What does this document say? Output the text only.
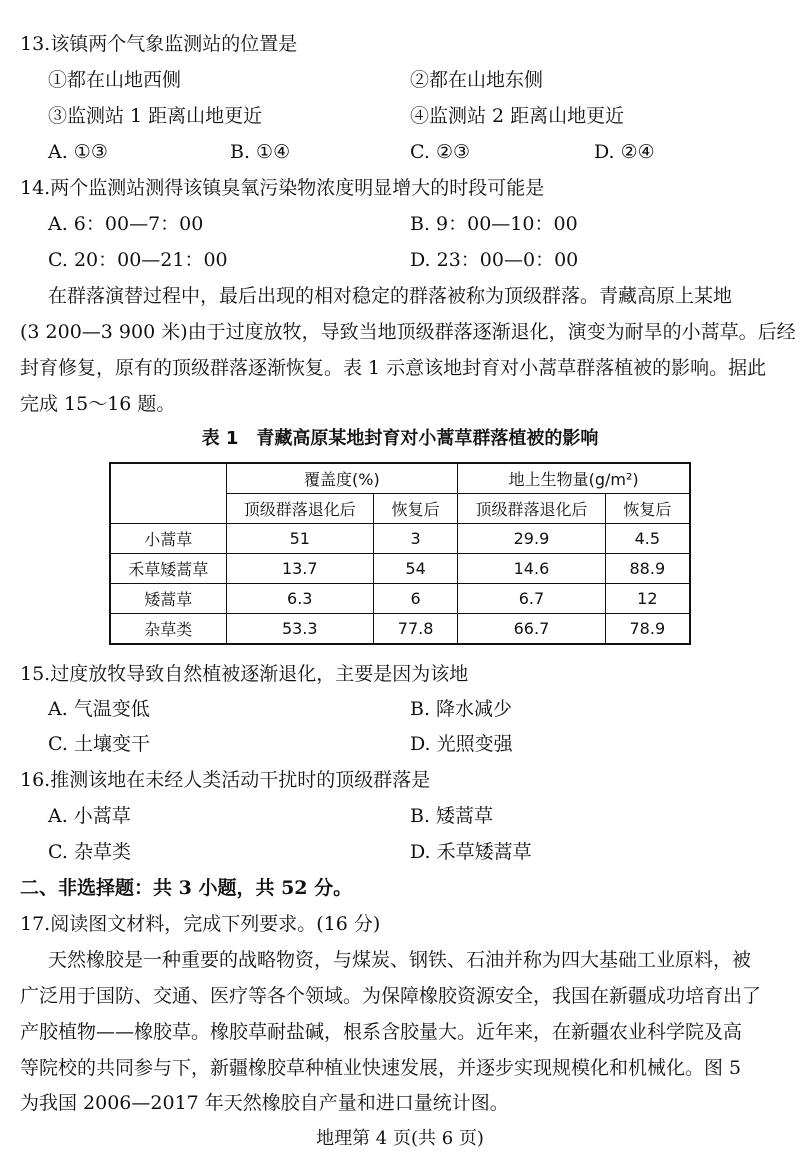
13.该镇两个气象监测站的位置是
①都在山地西侧	②都在山地东侧
③监测站 1 距离山地更近	④监测站 2 距离山地更近
A. ①③	B. ①④	C. ②③	D. ②④
14.两个监测站测得该镇臭氧污染物浓度明显增大的时段可能是
A. 6：00—7：00	B. 9：00—10：00
C. 20：00—21：00	D. 23：00—0：00
在群落演替过程中，最后出现的相对稳定的群落被称为顶级群落。青藏高原上某地
(3 200—3 900 米)由于过度放牧，导致当地顶级群落逐渐退化，演变为耐旱的小蒿草。后经
封育修复，原有的顶级群落逐渐恢复。表 1 示意该地封育对小蒿草群落植被的影响。据此
完成 15～16 题。
表 1　青藏高原某地封育对小蒿草群落植被的影响
	覆盖度(%)		地上生物量(g/m²)	
	顶级群落退化后	恢复后	顶级群落退化后	恢复后
小蒿草	51	3	29.9	4.5
禾草矮蒿草	13.7	54	14.6	88.9
矮蒿草	6.3	6	6.7	12
杂草类	53.3	77.8	66.7	78.9
15.过度放牧导致自然植被逐渐退化，主要是因为该地
A. 气温变低	B. 降水减少
C. 土壤变干	D. 光照变强
16.推测该地在未经人类活动干扰时的顶级群落是
A. 小蒿草	B. 矮蒿草
C. 杂草类	D. 禾草矮蒿草
二、非选择题：共 3 小题，共 52 分。
17.阅读图文材料，完成下列要求。(16 分)
天然橡胶是一种重要的战略物资，与煤炭、钢铁、石油并称为四大基础工业原料，被
广泛用于国防、交通、医疗等各个领域。为保障橡胶资源安全，我国在新疆成功培育出了
产胶植物——橡胶草。橡胶草耐盐碱，根系含胶量大。近年来，在新疆农业科学院及高
等院校的共同参与下，新疆橡胶草种植业快速发展，并逐步实现规模化和机械化。图 5
为我国 2006—2017 年天然橡胶自产量和进口量统计图。
地理第 4 页(共 6 页)
